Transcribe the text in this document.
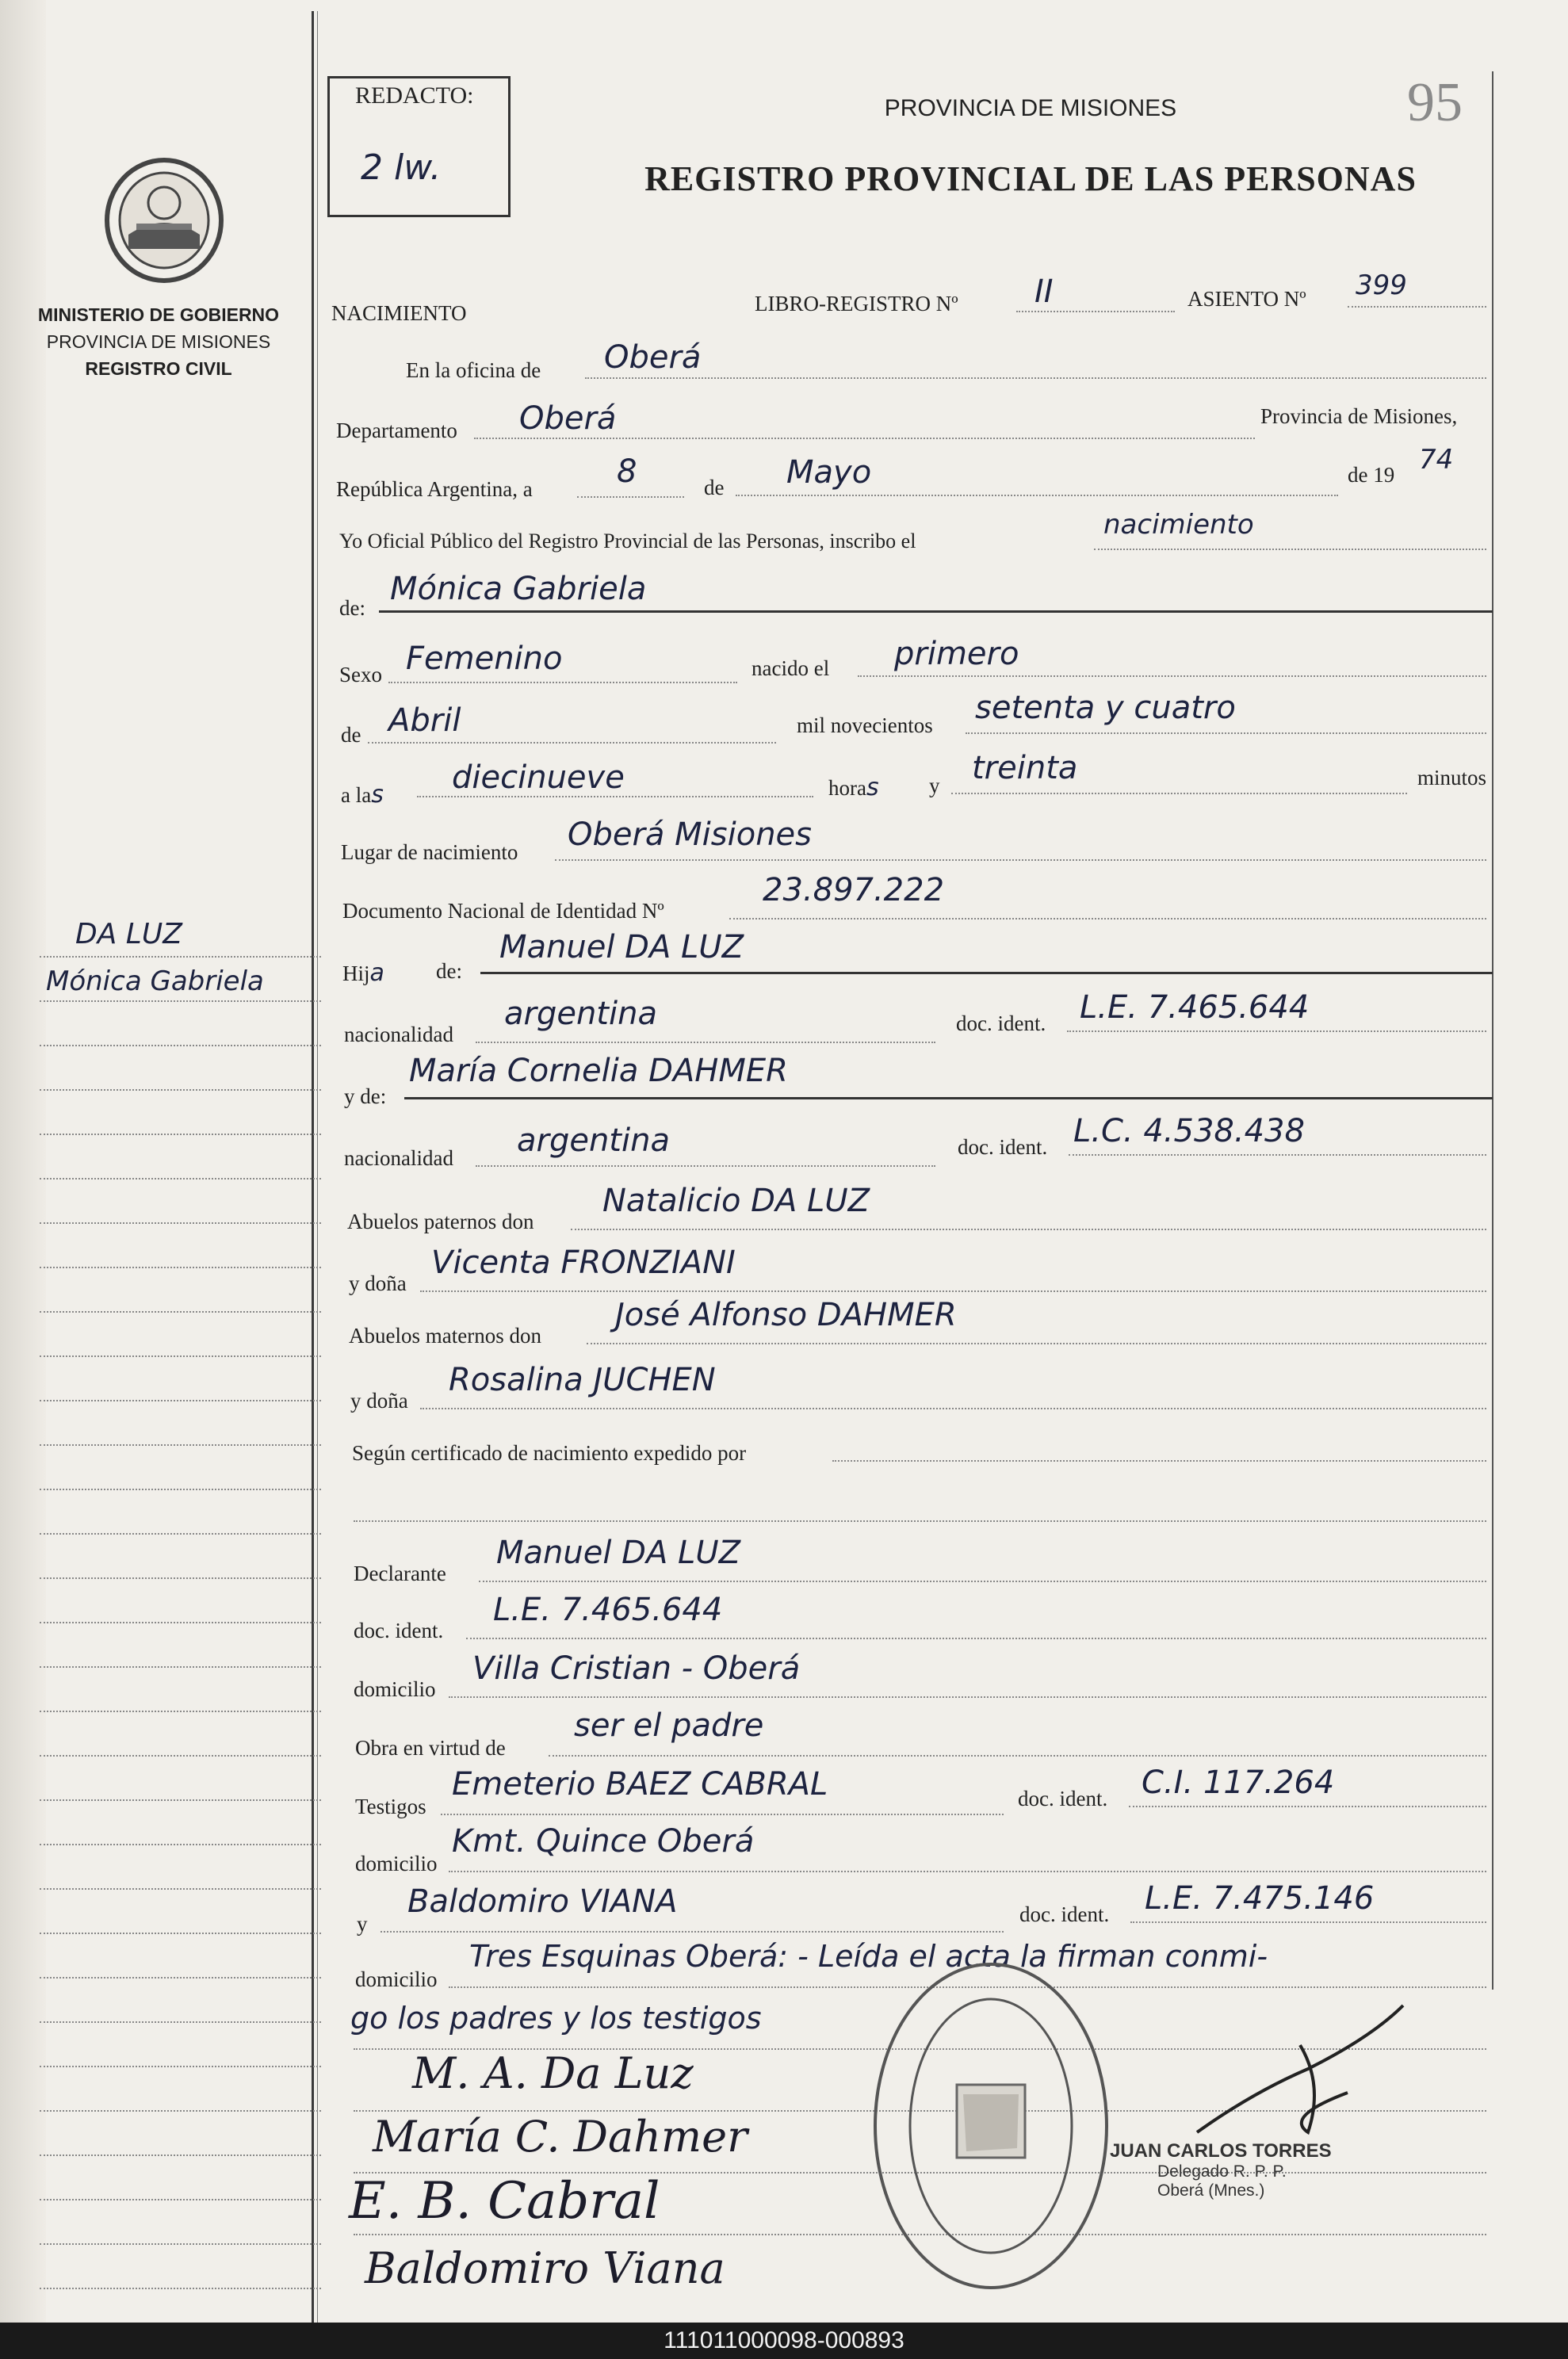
95
REDACTO:
2 lw.
PROVINCIA DE MISIONES
REGISTRO PROVINCIAL DE LAS PERSONAS
MINISTERIO DE GOBIERNO
PROVINCIA DE MISIONES
REGISTRO CIVIL
NACIMIENTO	LIBRO-REGISTRO Nº II	ASIENTO Nº 399
En la oficina de Oberá
Departamento Oberá	Provincia de Misiones,
República Argentina, a	8	de Mayo	de 19 74
Yo Oficial Público del Registro Provincial de las Personas, inscribo el
nacimiento
de:
Mónica Gabriela
Sexo Femenino	nacido el primero
de Abril	mil novecientos setenta y cuatro
a las diecinueve	horas y treinta	minutos
Lugar de nacimiento Oberá Misiones
Documento Nacional de Identidad Nº
23.897.222
Hija de:
Manuel DA LUZ
nacionalidad
argentina	doc. ident. L.E. 7.465.644
y de:
María Cornelia DAHMER
nacionalidad argentina	doc. ident. L.C. 4.538.438
Abuelos paternos don
Natalicio DA LUZ
y doña
Vicenta FRONZIANI
Abuelos maternos don
José Alfonso DAHMER
y doña
Rosalina JUCHEN
Según certificado de nacimiento expedido por
Declarante
Manuel DA LUZ
doc. ident.
L.E. 7.465.644
domicilio
Villa Cristian - Oberá
Obra en virtud de
ser el padre
Testigos
Emeterio BAEZ CABRAL	doc. ident. C.I. 117.264
domicilio
Kmt. Quince Oberá
y
Baldomiro VIANA	doc. ident. L.E. 7.475.146
domicilio
Tres Esquinas Oberá: - Leída el acta la firman conmi-
go los padres y los testigos
DA LUZ
Mónica Gabriela
JUAN CARLOS TORRES

Delegado R. P. P.
Oberá (Mnes.)
M. A. Da Luz
María C. Dahmer
E. B. Cabral
Baldomiro Viana
111011000098-000893
